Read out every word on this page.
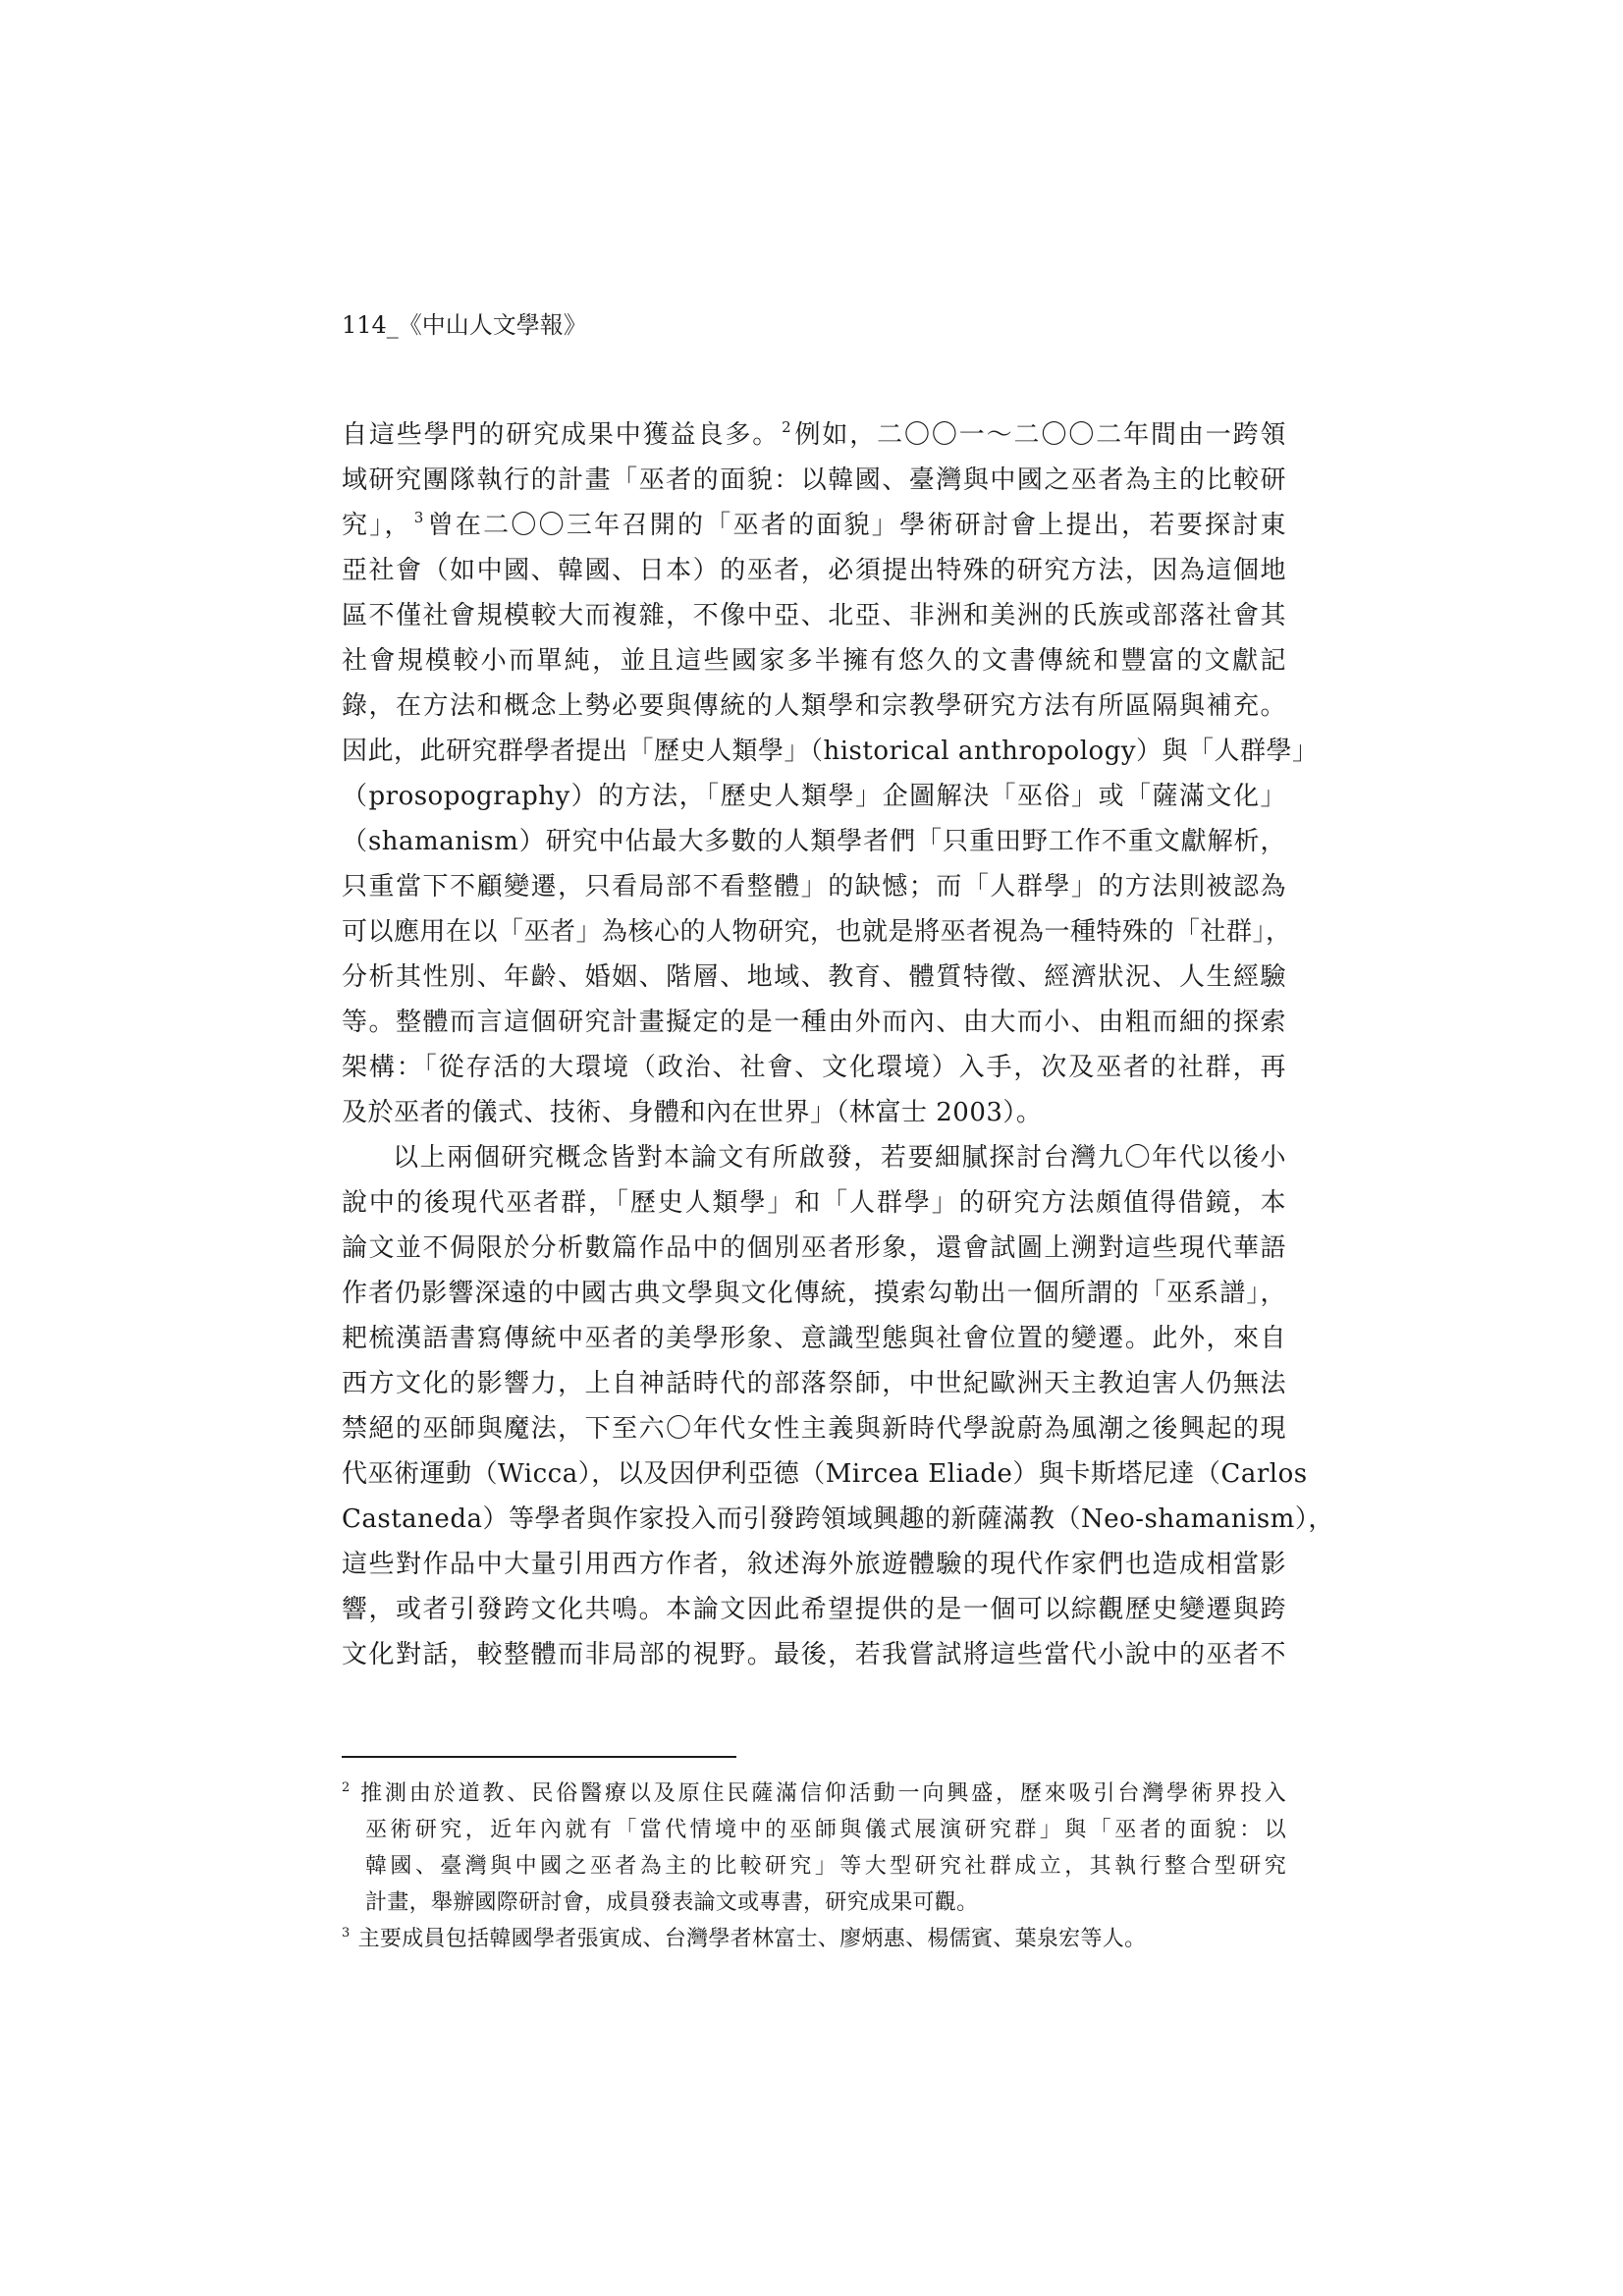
114_《中山人文學報》
自這些學門的研究成果中獲益良多。 $^2$例如，二〇〇一～二〇〇二年間由一跨領
域研究團隊執行的計畫「巫者的面貌：以韓國、臺灣與中國之巫者為主的比較研
究」， $^3$曾在二〇〇三年召開的「巫者的面貌」學術研討會上提出，若要探討東
亞社會（如中國、韓國、日本）的巫者，必須提出特殊的研究方法，因為這個地
區不僅社會規模較大而複雜，不像中亞、北亞、非洲和美洲的氏族或部落社會其
社會規模較小而單純，並且這些國家多半擁有悠久的文書傳統和豐富的文獻記
錄，在方法和概念上勢必要與傳統的人類學和宗教學研究方法有所區隔與補充。
因此，此研究群學者提出「歷史人類學」（historical anthropology）與「人群學」
（prosopography）的方法，「歷史人類學」企圖解決「巫俗」或「薩滿文化」
（shamanism）研究中佔最大多數的人類學者們「只重田野工作不重文獻解析，
只重當下不顧變遷，只看局部不看整體」的缺憾；而「人群學」的方法則被認為
可以應用在以「巫者」為核心的人物研究，也就是將巫者視為一種特殊的「社群」，
分析其性別、年齡、婚姻、階層、地域、教育、體質特徵、經濟狀況、人生經驗
等。整體而言這個研究計畫擬定的是一種由外而內、由大而小、由粗而細的探索
架構：「從存活的大環境（政治、社會、文化環境）入手，次及巫者的社群，再
及於巫者的儀式、技術、身體和內在世界」（林富士 2003）。
以上兩個研究概念皆對本論文有所啟發，若要細膩探討台灣九〇年代以後小
說中的後現代巫者群，「歷史人類學」和「人群學」的研究方法頗值得借鏡，本
論文並不侷限於分析數篇作品中的個別巫者形象，還會試圖上溯對這些現代華語
作者仍影響深遠的中國古典文學與文化傳統，摸索勾勒出一個所謂的「巫系譜」，
耙梳漢語書寫傳統中巫者的美學形象、意識型態與社會位置的變遷。此外，來自
西方文化的影響力，上自神話時代的部落祭師，中世紀歐洲天主教迫害人仍無法
禁絕的巫師與魔法，下至六〇年代女性主義與新時代學說蔚為風潮之後興起的現
代巫術運動（Wicca），以及因伊利亞德（Mircea Eliade）與卡斯塔尼達（Carlos
Castaneda）等學者與作家投入而引發跨領域興趣的新薩滿教（Neo-shamanism），
這些對作品中大量引用西方作者，敘述海外旅遊體驗的現代作家們也造成相當影
響，或者引發跨文化共鳴。本論文因此希望提供的是一個可以綜觀歷史變遷與跨
文化對話，較整體而非局部的視野。最後，若我嘗試將這些當代小說中的巫者不
$^2$ 推測由於道教、民俗醫療以及原住民薩滿信仰活動一向興盛，歷來吸引台灣學術界投入
巫術研究，近年內就有「當代情境中的巫師與儀式展演研究群」與「巫者的面貌：以
韓國、臺灣與中國之巫者為主的比較研究」等大型研究社群成立，其執行整合型研究
計畫，舉辦國際研討會，成員發表論文或專書，研究成果可觀。
$^3$ 主要成員包括韓國學者張寅成、台灣學者林富士、廖炳惠、楊儒賓、葉泉宏等人。
